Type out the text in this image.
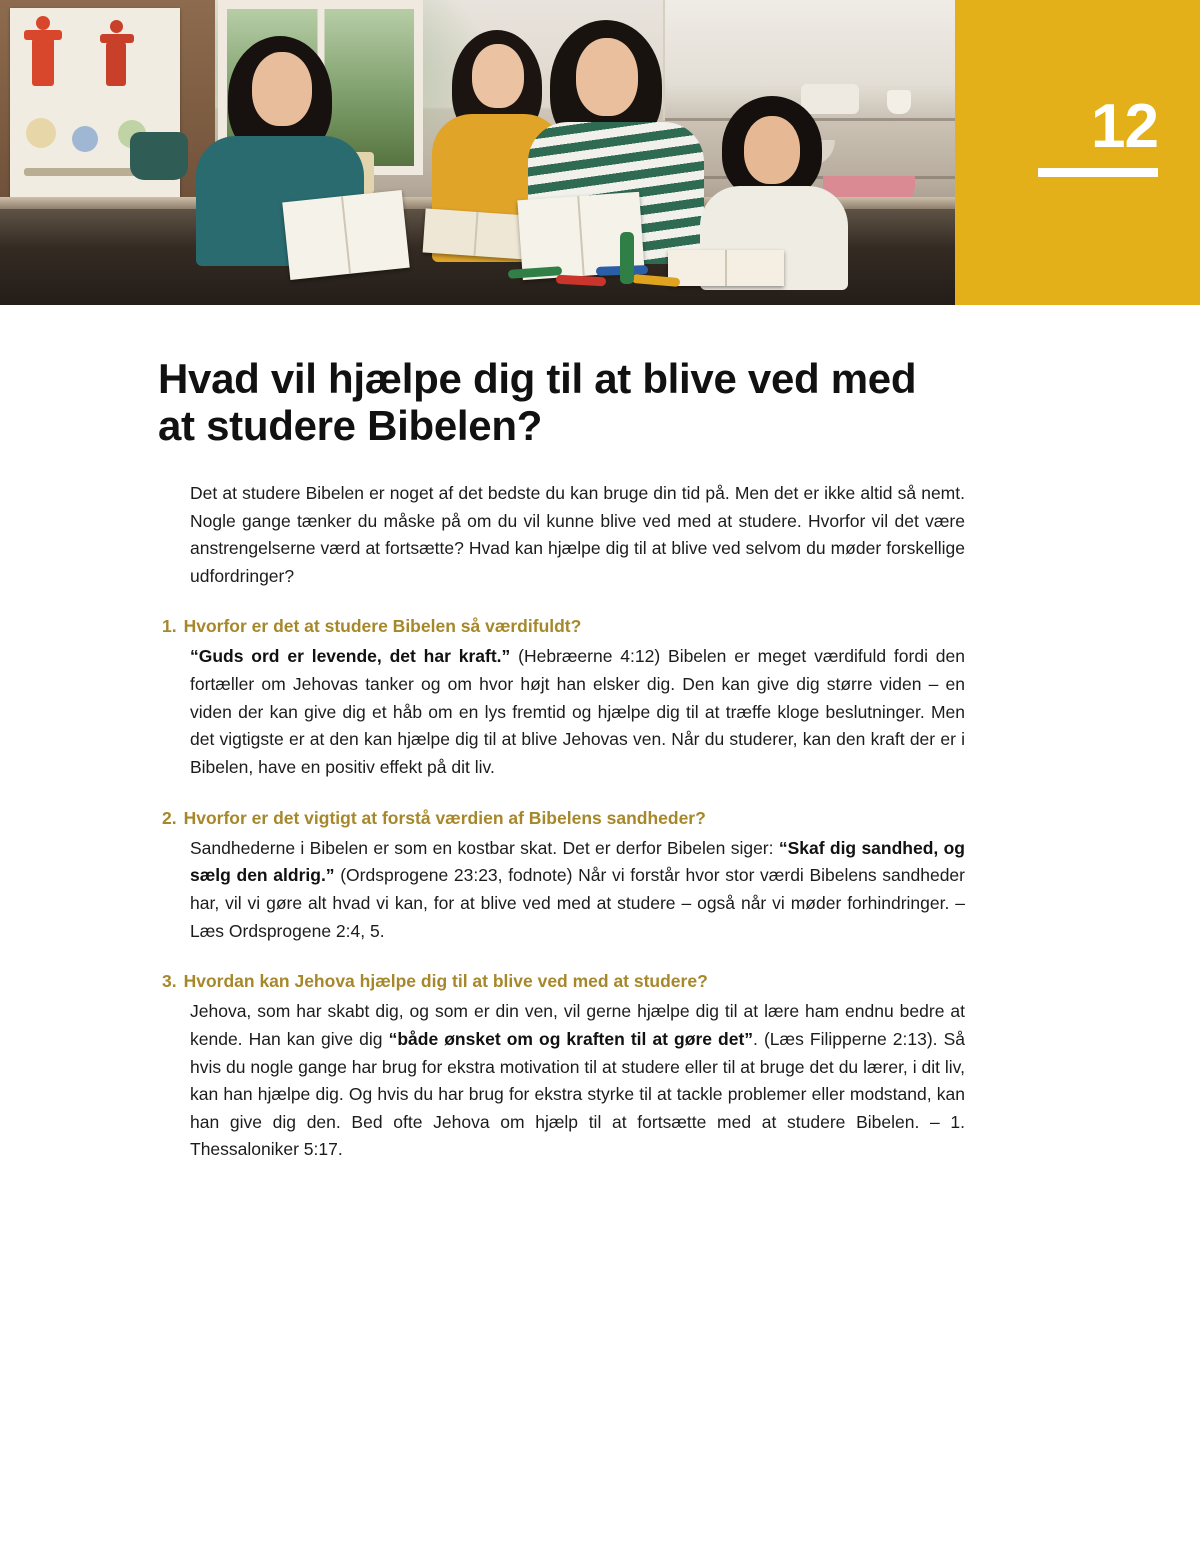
12
Hvad vil hjælpe dig til at blive ved med at studere Bibelen?

Det at studere Bibelen er noget af det bedste du kan bruge din tid på. Men det er ikke altid så nemt. Nogle gange tænker du måske på om du vil kunne blive ved med at studere. Hvorfor vil det være anstrengelserne værd at fortsætte? Hvad kan hjælpe dig til at blive ved selvom du møder forskellige udfordringer?

1. Hvorfor er det at studere Bibelen så værdifuldt?

“Guds ord er levende, det har kraft.” (Hebræerne 4:12) Bibelen er meget værdifuld fordi den fortæller om Jehovas tanker og om hvor højt han elsker dig. Den kan give dig større viden – en viden der kan give dig et håb om en lys fremtid og hjælpe dig til at træffe kloge beslutninger. Men det vigtigste er at den kan hjælpe dig til at blive Jehovas ven. Når du studerer, kan den kraft der er i Bibelen, have en positiv effekt på dit liv.

2. Hvorfor er det vigtigt at forstå værdien af Bibelens sandheder?

Sandhederne i Bibelen er som en kostbar skat. Det er derfor Bibelen siger: “Skaf dig sandhed, og sælg den aldrig.” (Ordsprogene 23:23, fodnote) Når vi forstår hvor stor værdi Bibelens sandheder har, vil vi gøre alt hvad vi kan, for at blive ved med at studere – også når vi møder forhindringer. – Læs Ordsprogene 2:4, 5.

3. Hvordan kan Jehova hjælpe dig til at blive ved med at studere?

Jehova, som har skabt dig, og som er din ven, vil gerne hjælpe dig til at lære ham endnu bedre at kende. Han kan give dig “både ønsket om og kraften til at gøre det”. (Læs Filipperne 2:13). Så hvis du nogle gange har brug for ekstra motivation til at studere eller til at bruge det du lærer, i dit liv, kan han hjælpe dig. Og hvis du har brug for ekstra styrke til at tackle problemer eller modstand, kan han give dig den. Bed ofte Jehova om hjælp til at fortsætte med at studere Bibelen. – 1. Thessaloniker 5:17.
